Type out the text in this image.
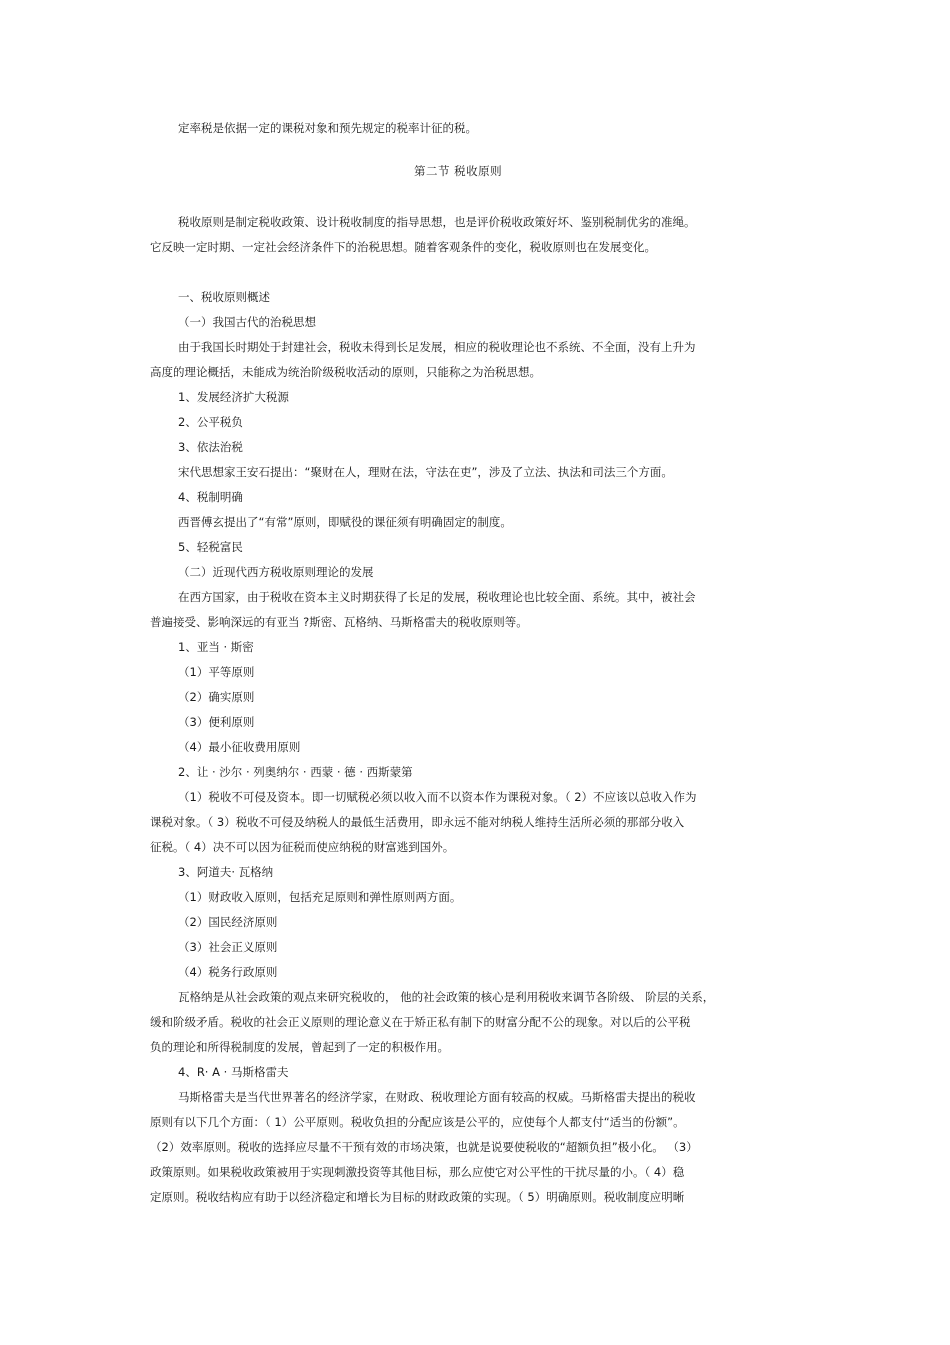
定率税是依据一定的课税对象和预先规定的税率计征的税。
第二节 税收原则
税收原则是制定税收政策、设计税收制度的指导思想，也是评价税收政策好坏、鉴别税制优劣的准绳。
它反映一定时期、一定社会经济条件下的治税思想。随着客观条件的变化，税收原则也在发展变化。
一、税收原则概述
（一）我国古代的治税思想
由于我国长时期处于封建社会，税收未得到长足发展，相应的税收理论也不系统、不全面，没有上升为
高度的理论概括，未能成为统治阶级税收活动的原则，只能称之为治税思想。
1、发展经济扩大税源
2、公平税负
3、依法治税
宋代思想家王安石提出：“聚财在人，理财在法，守法在吏”，涉及了立法、执法和司法三个方面。
4、税制明确
西晋傅玄提出了“有常”原则，即赋役的课征须有明确固定的制度。
5、轻税富民
（二）近现代西方税收原则理论的发展
在西方国家，由于税收在资本主义时期获得了长足的发展，税收理论也比较全面、系统。其中，被社会
普遍接受、影响深远的有亚当 ?斯密、瓦格纳、马斯格雷夫的税收原则等。
1、亚当 · 斯密
（1）平等原则
（2）确实原则
（3）便利原则
（4）最小征收费用原则
2、让 · 沙尔 · 列奥纳尔 · 西蒙 · 德 · 西斯蒙第
（1）税收不可侵及资本。即一切赋税必须以收入而不以资本作为课税对象。（ 2）不应该以总收入作为
课税对象。（ 3）税收不可侵及纳税人的最低生活费用，即永远不能对纳税人维持生活所必须的那部分收入
征税。（ 4）决不可以因为征税而使应纳税的财富逃到国外。
3、阿道夫· 瓦格纳
（1）财政收入原则，包括充足原则和弹性原则两方面。
（2）国民经济原则
（3）社会正义原则
（4）税务行政原则
瓦格纳是从社会政策的观点来研究税收的， 他的社会政策的核心是利用税收来调节各阶级、 阶层的关系，
缓和阶级矛盾。税收的社会正义原则的理论意义在于矫正私有制下的财富分配不公的现象。对以后的公平税
负的理论和所得税制度的发展，曾起到了一定的积极作用。
4、R· A · 马斯格雷夫
马斯格雷夫是当代世界著名的经济学家，在财政、税收理论方面有较高的权威。马斯格雷夫提出的税收
原则有以下几个方面：（ 1）公平原则。税收负担的分配应该是公平的，应使每个人都支付“适当的份额”。
（2）效率原则。税收的选择应尽量不干预有效的市场决策，也就是说要使税收的“超额负担”极小化。 （3）
政策原则。如果税收政策被用于实现刺激投资等其他目标，那么应使它对公平性的干扰尽量的小。（ 4）稳
定原则。税收结构应有助于以经济稳定和增长为目标的财政政策的实现。（ 5）明确原则。税收制度应明晰
